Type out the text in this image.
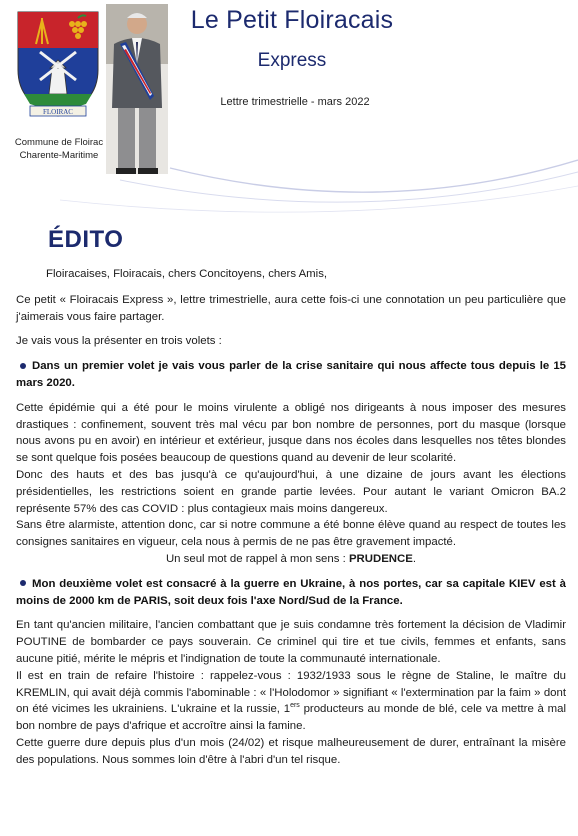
FLOIRAC
Commune de Floirac
Charente-Maritime
Le Petit Floiracais
Express
Lettre trimestrielle - mars 2022
ÉDITO

Floiracaises, Floiracais, chers Concitoyens, chers Amis,

Ce petit « Floiracais Express », lettre trimestrielle, aura cette fois-ci une connotation un peu particulière que j'aimerais vous faire partager.

Je vais vous la présenter en trois volets :

Dans un premier volet je vais vous parler de la crise sanitaire qui nous affecte tous depuis le 15 mars 2020.

Cette épidémie qui a été pour le moins virulente a obligé nos dirigeants à nous imposer des mesures drastiques : confinement, souvent très mal vécu par bon nombre de personnes, port du masque (lorsque nous avons pu en avoir) en intérieur et extérieur, jusque dans nos écoles dans lesquelles nos têtes blondes se sont quelque fois posées beaucoup de questions quand au devenir de leur scolarité.

Donc des hauts et des bas jusqu'à ce qu'aujourd'hui, à une dizaine de jours avant les élections présidentielles, les restrictions soient en grande partie levées. Pour autant le variant Omicron BA.2 représente 57% des cas COVID : plus contagieux mais moins dangereux.

Sans être alarmiste, attention donc, car si notre commune a été bonne élève quand au respect de toutes les consignes sanitaires en vigueur, cela nous à permis de ne pas être gravement impacté.

Un seul mot de rappel à mon sens : PRUDENCE.

Mon deuxième volet est consacré à la guerre en Ukraine, à nos portes, car sa capitale KIEV est à moins de 2000 km de PARIS, soit deux fois l'axe Nord/Sud de la France.

En tant qu'ancien militaire, l'ancien combattant que je suis condamne très fortement la décision de Vladimir POUTINE de bombarder ce pays souverain. Ce criminel qui tire et tue civils, femmes et enfants, sans aucune pitié, mérite le mépris et l'indignation de toute la communauté internationale.

Il est en train de refaire l'histoire : rappelez-vous : 1932/1933 sous le règne de Staline, le maître du KREMLIN, qui avait déjà commis l'abominable : « l'Holodomor » signifiant « l'extermination par la faim » dont on été vicimes les ukrainiens. L'ukraine et la russie, 1ers producteurs au monde de blé, cele va mettre à mal bon nombre de pays d'afrique et accroître ainsi la famine.

Cette guerre dure depuis plus d'un mois (24/02) et risque malheureusement de durer, entraînant la misère des populations. Nous sommes loin d'être à l'abri d'un tel risque.
